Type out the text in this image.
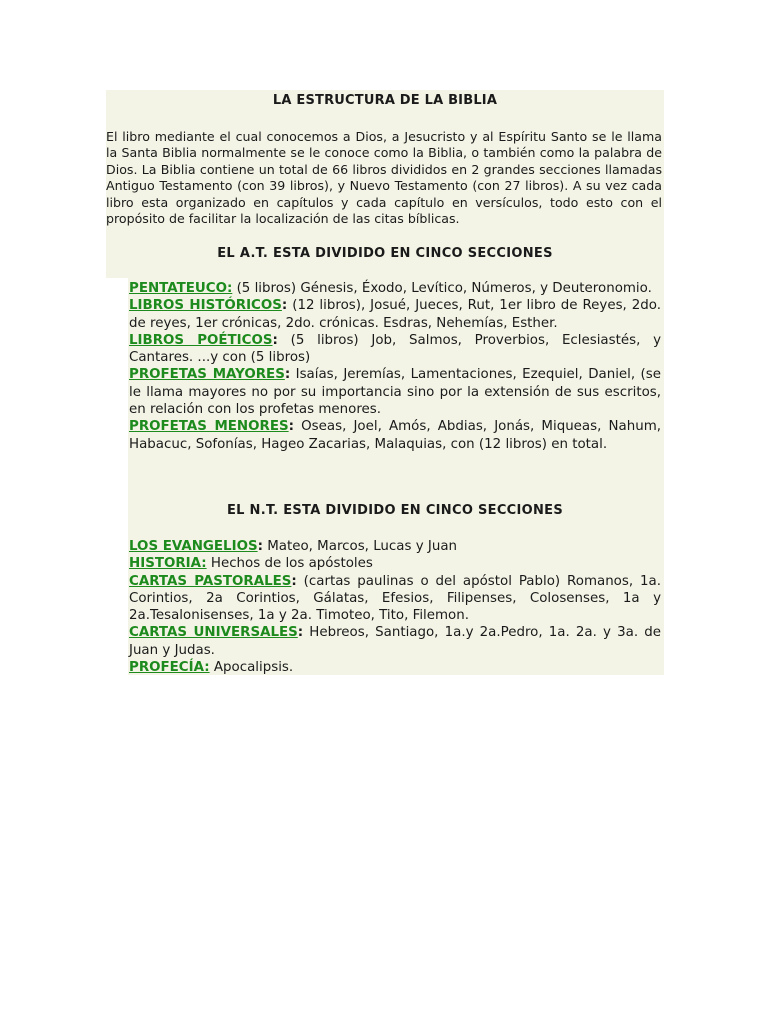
LA ESTRUCTURA DE LA BIBLIA
El libro mediante el cual conocemos a Dios, a Jesucristo y al Espíritu Santo se le llama la Santa Biblia normalmente se le conoce como la Biblia, o también como la palabra de Dios. La Biblia contiene un total de 66 libros divididos en 2 grandes secciones llamadas Antiguo Testamento (con 39 libros), y Nuevo Testamento (con 27 libros). A su vez cada libro esta organizado en capítulos y cada capítulo en versículos, todo esto con el propósito de facilitar la localización de las citas bíblicas.
EL A.T. ESTA DIVIDIDO EN CINCO SECCIONES

PENTATEUCO: (5 libros) Génesis, Éxodo, Levítico, Números, y Deuteronomio.

LIBROS HISTÓRICOS: (12 libros), Josué, Jueces, Rut, 1er libro de Reyes, 2do. de reyes, 1er crónicas, 2do. crónicas. Esdras, Nehemías, Esther.

LIBROS POÉTICOS: (5 libros) Job, Salmos, Proverbios, Eclesiastés, y Cantares. ...y con (5 libros)

PROFETAS MAYORES: Isaías, Jeremías, Lamentaciones, Ezequiel, Daniel, (se le llama mayores no por su importancia sino por la extensión de sus escritos, en relación con los profetas menores.

PROFETAS MENORES: Oseas, Joel, Amós, Abdias, Jonás, Miqueas, Nahum, Habacuc, Sofonías, Hageo Zacarias, Malaquias, con (12 libros) en total.

EL N.T. ESTA DIVIDIDO EN CINCO SECCIONES

LOS EVANGELIOS: Mateo, Marcos, Lucas y Juan

HISTORIA: Hechos de los apóstoles

CARTAS PASTORALES: (cartas paulinas o del apóstol Pablo) Romanos, 1a. Corintios, 2a Corintios, Gálatas, Efesios, Filipenses, Colosenses, 1a y 2a.Tesalonisenses, 1a y 2a. Timoteo, Tito, Filemon.

CARTAS UNIVERSALES: Hebreos, Santiago, 1a.y 2a.Pedro, 1a. 2a. y 3a. de Juan y Judas.

PROFECÍA: Apocalipsis.
